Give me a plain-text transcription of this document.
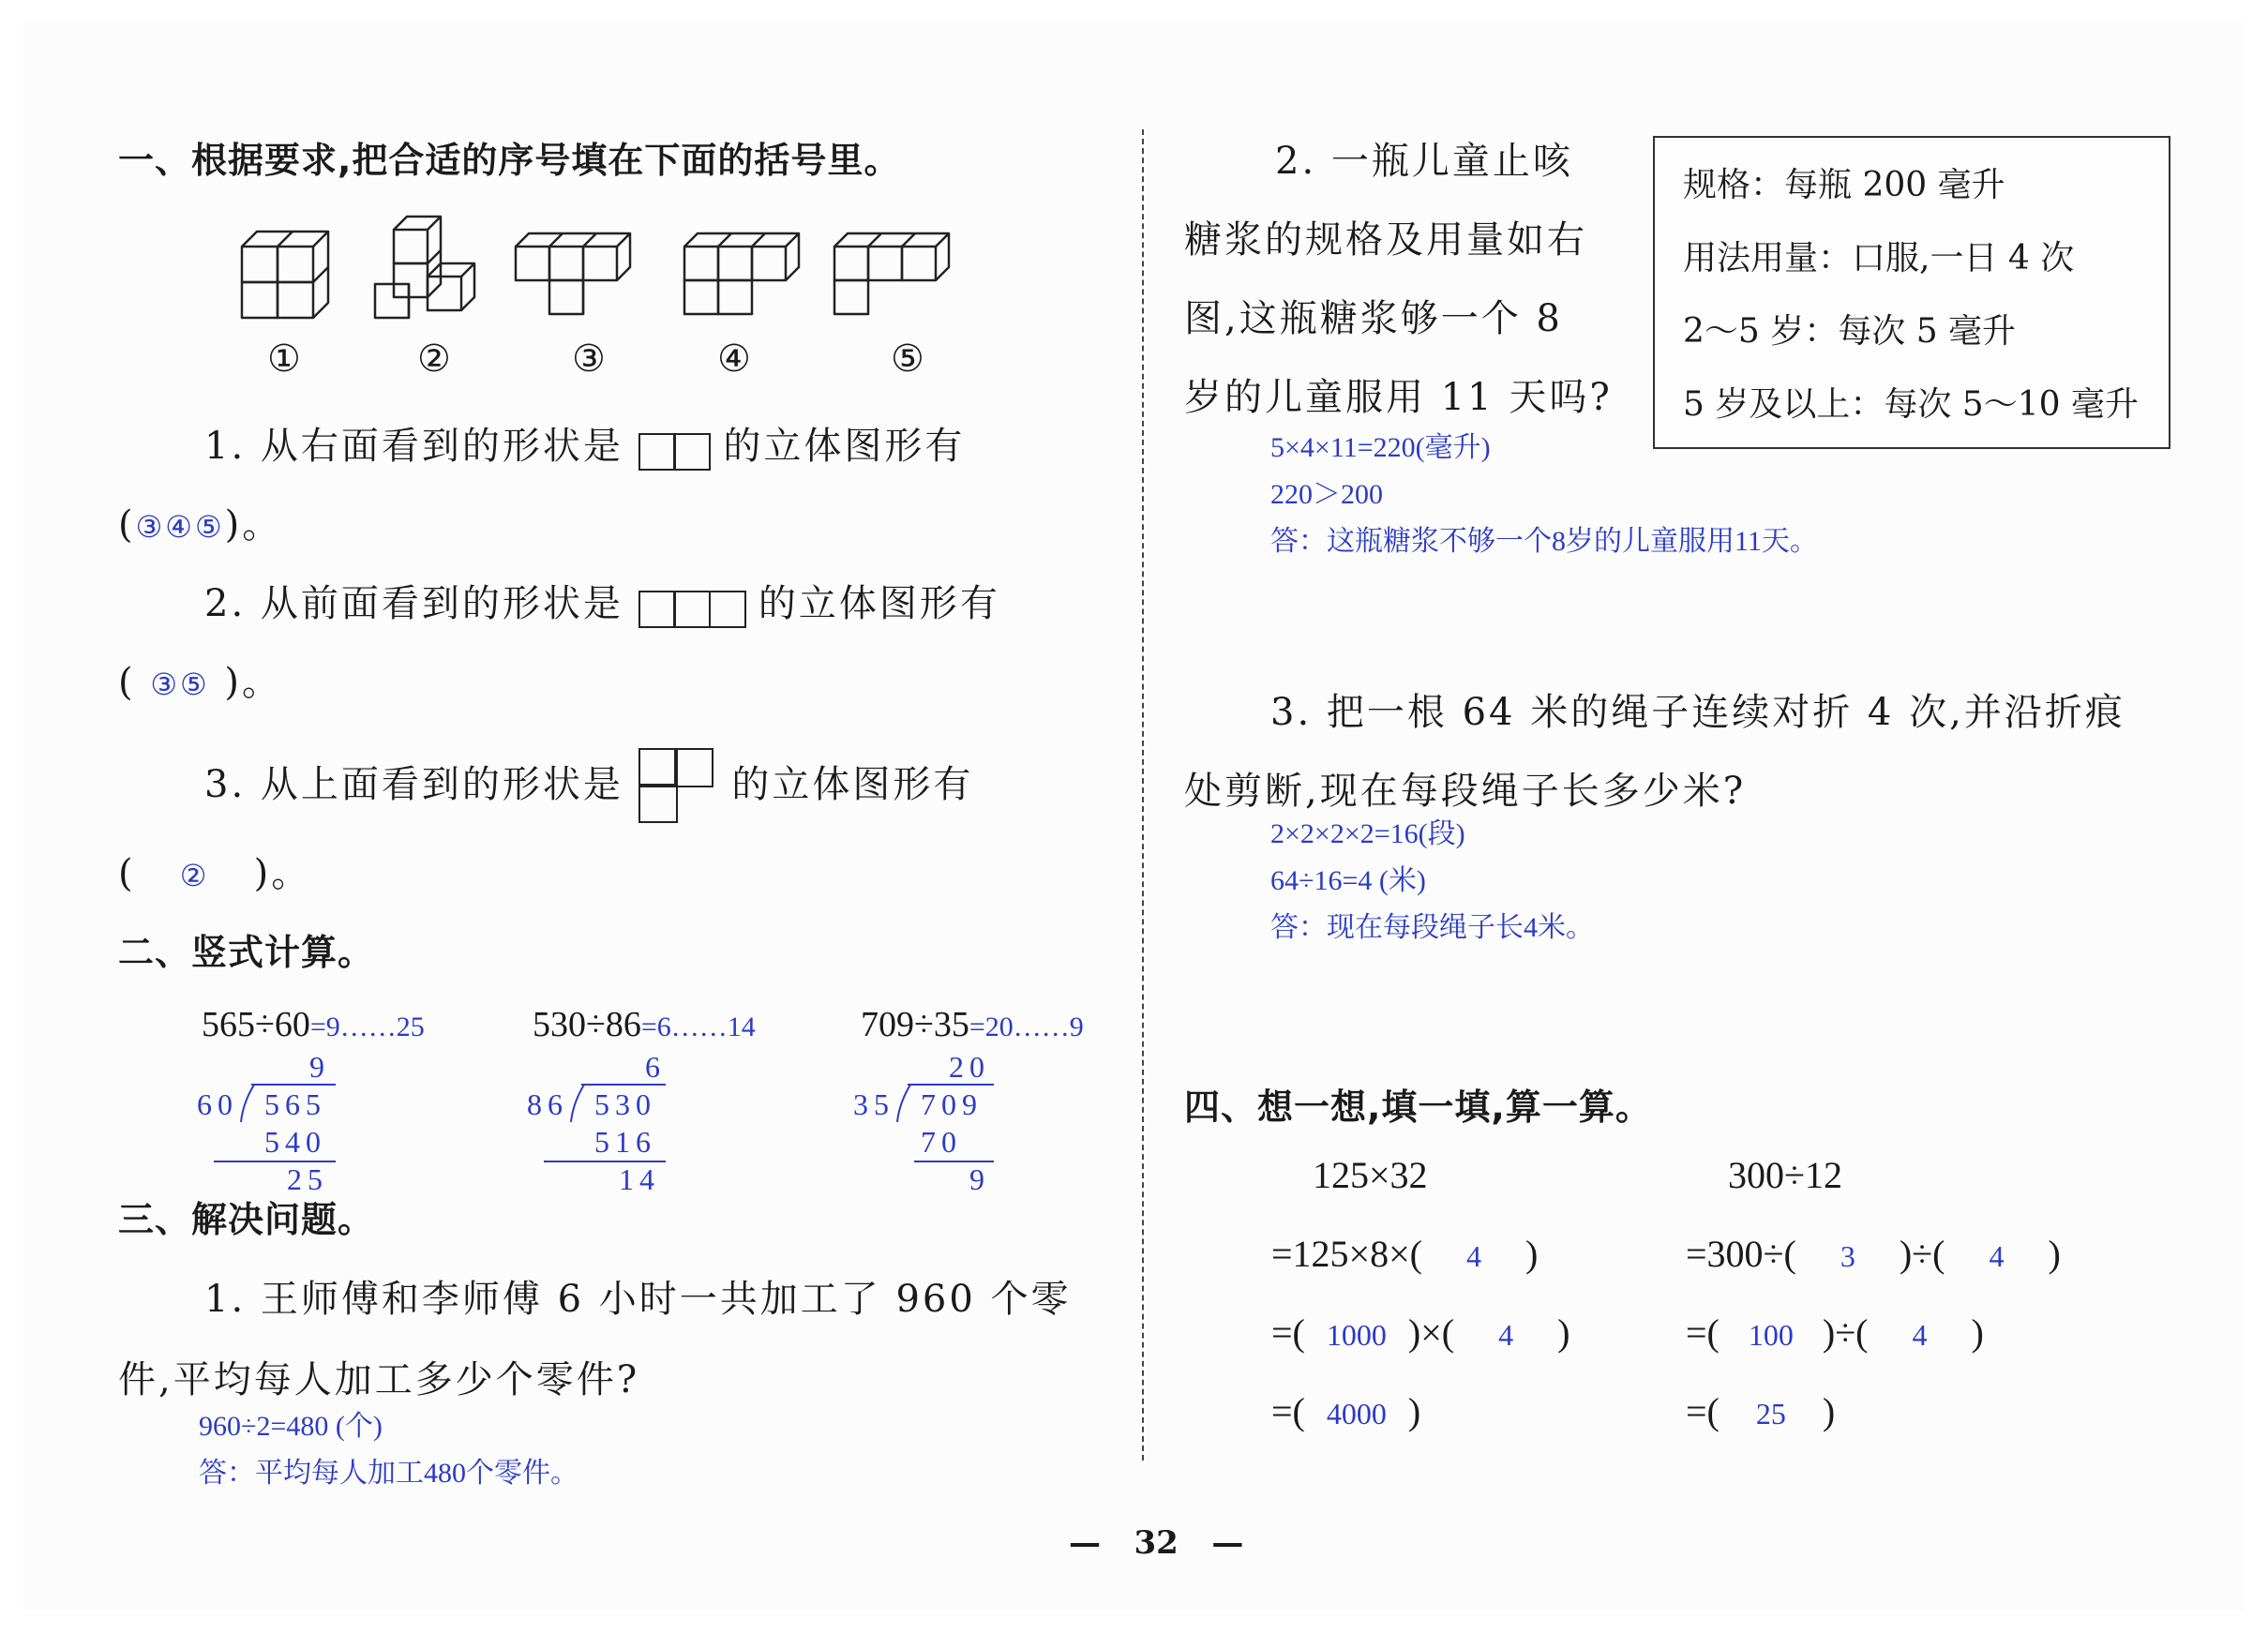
一、根据要求,把合适的序号填在下面的括号里。
①	②	③	④	⑤
1. 从右面看到的形状是	的立体图形有
(③④⑤)。
2. 从前面看到的形状是	的立体图形有
( ③⑤ )。
3. 从上面看到的形状是	的立体图形有
( ② )。
二、竖式计算。
565÷60=9……25	530÷86=6……14	709÷35=20……9
9
60 565
540
25
6
86 530
516
14
20
35 709
70
9
三、解决问题。
1. 王师傅和李师傅 6 小时一共加工了 960 个零
件,平均每人加工多少个零件?
960÷2=480 (个)
答：平均每人加工480个零件。
2. 一瓶儿童止咳
糖浆的规格及用量如右
图,这瓶糖浆够一个 8
岁的儿童服用 11 天吗?
规格：每瓶 200 毫升
用法用量：口服,一日 4 次
2～5 岁：每次 5 毫升
5 岁及以上：每次 5～10 毫升
5×4×11=220(毫升)
220＞200
答：这瓶糖浆不够一个8岁的儿童服用11天。
3. 把一根 64 米的绳子连续对折 4 次,并沿折痕
处剪断,现在每段绳子长多少米?
2×2×2×2=16(段)
64÷16=4 (米)
答：现在每段绳子长4米。
四、想一想,填一填,算一算。
125×32
=125×8×( 4 )
=( 1000 )×( 4 )
=( 4000 )
300÷12
=300÷( 3 )÷( 4 )
=( 100 )÷( 4 )
=( 25 )
— 32 —
